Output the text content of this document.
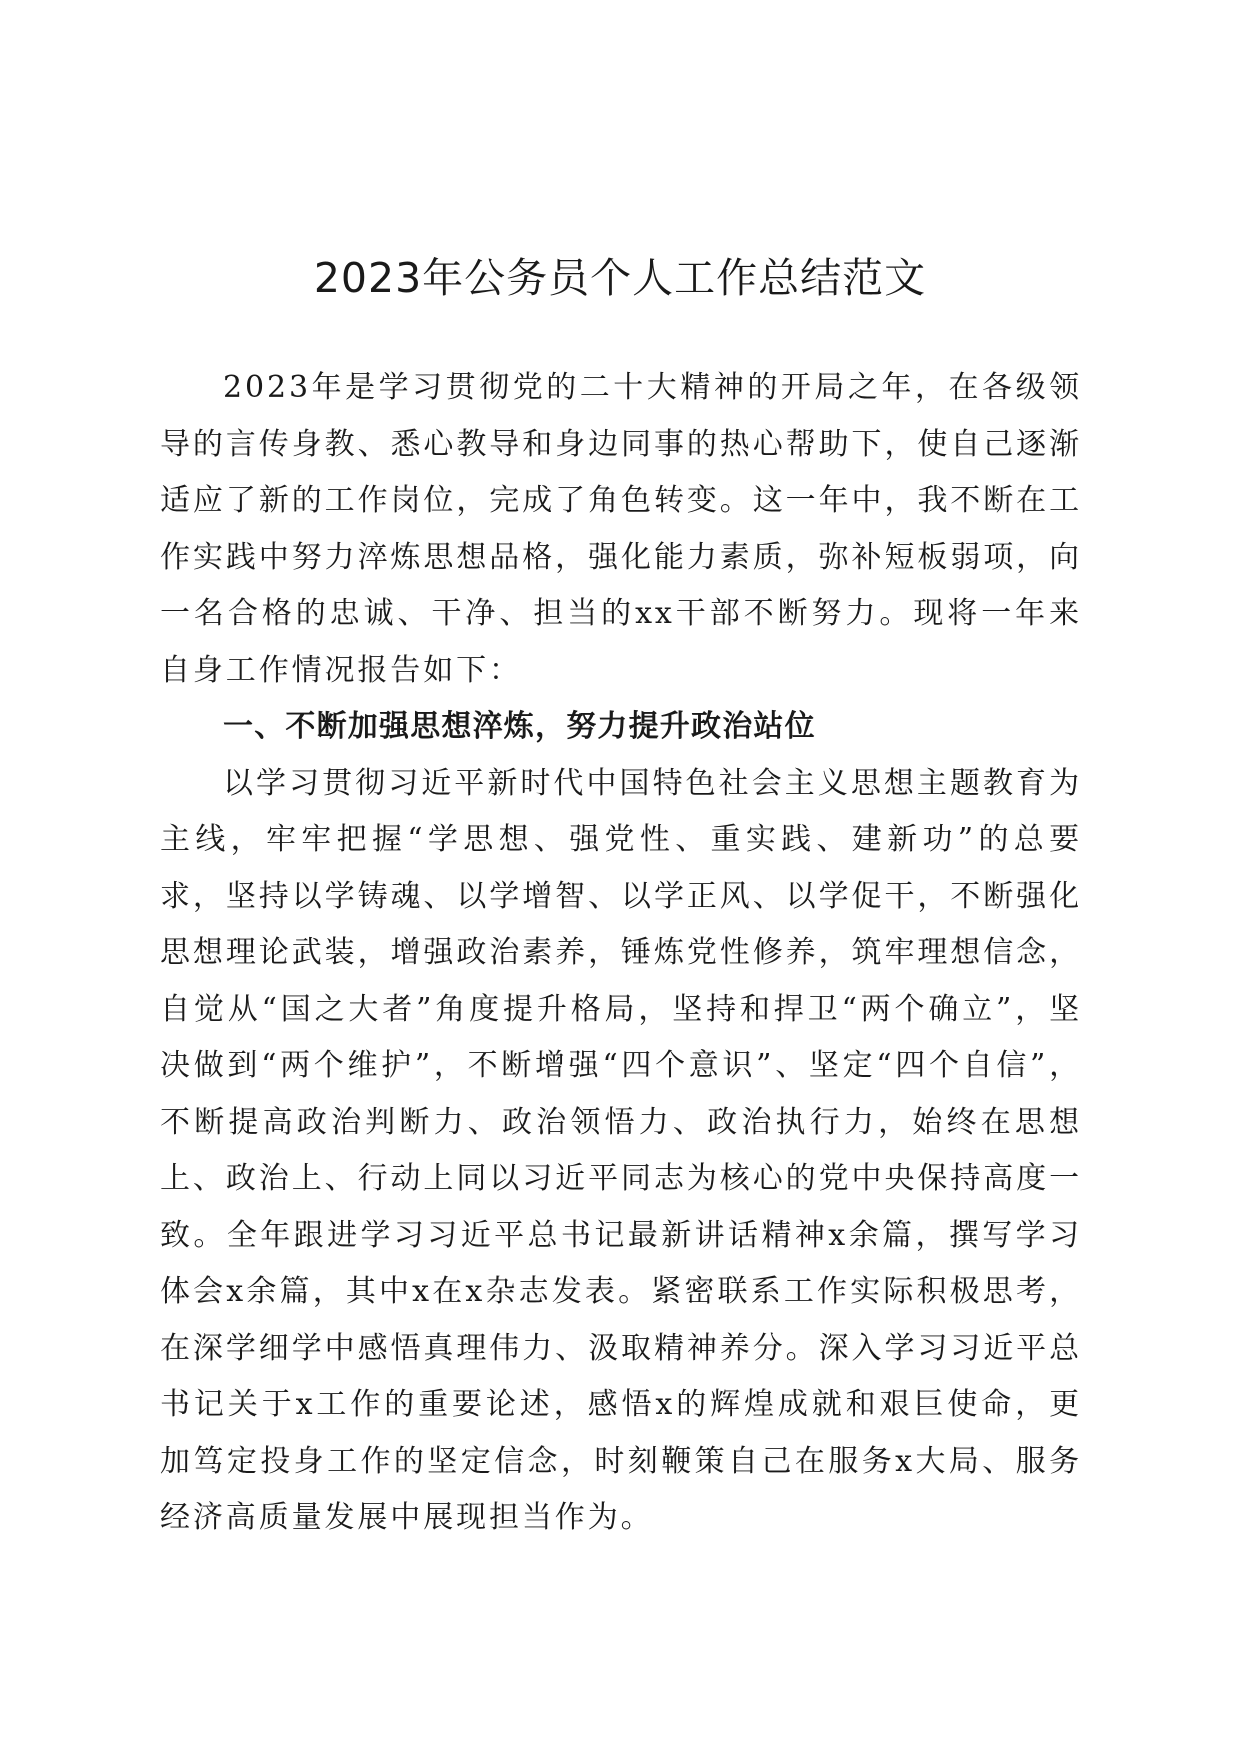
2023年公务员个人工作总结范文

2023年是学习贯彻党的二十大精神的开局之年，在各级领导的言传身教、悉心教导和身边同事的热心帮助下，使自己逐渐适应了新的工作岗位，完成了角色转变。这一年中，我不断在工作实践中努力淬炼思想品格，强化能力素质，弥补短板弱项，向一名合格的忠诚、干净、担当的xx干部不断努力。现将一年来自身工作情况报告如下：

一、不断加强思想淬炼，努力提升政治站位

以学习贯彻习近平新时代中国特色社会主义思想主题教育为主线，牢牢把握“学思想、强党性、重实践、建新功”的总要求，坚持以学铸魂、以学增智、以学正风、以学促干，不断强化思想理论武装，增强政治素养，锤炼党性修养，筑牢理想信念，自觉从“国之大者”角度提升格局，坚持和捍卫“两个确立”，坚决做到“两个维护”，不断增强“四个意识”、坚定“四个自信”，不断提高政治判断力、政治领悟力、政治执行力，始终在思想上、政治上、行动上同以习近平同志为核心的党中央保持高度一致。全年跟进学习习近平总书记最新讲话精神x余篇，撰写学习体会x余篇，其中x在x杂志发表。紧密联系工作实际积极思考，在深学细学中感悟真理伟力、汲取精神养分。深入学习习近平总书记关于x工作的重要论述，感悟x的辉煌成就和艰巨使命，更加笃定投身工作的坚定信念，时刻鞭策自己在服务x大局、服务经济高质量发展中展现担当作为。
